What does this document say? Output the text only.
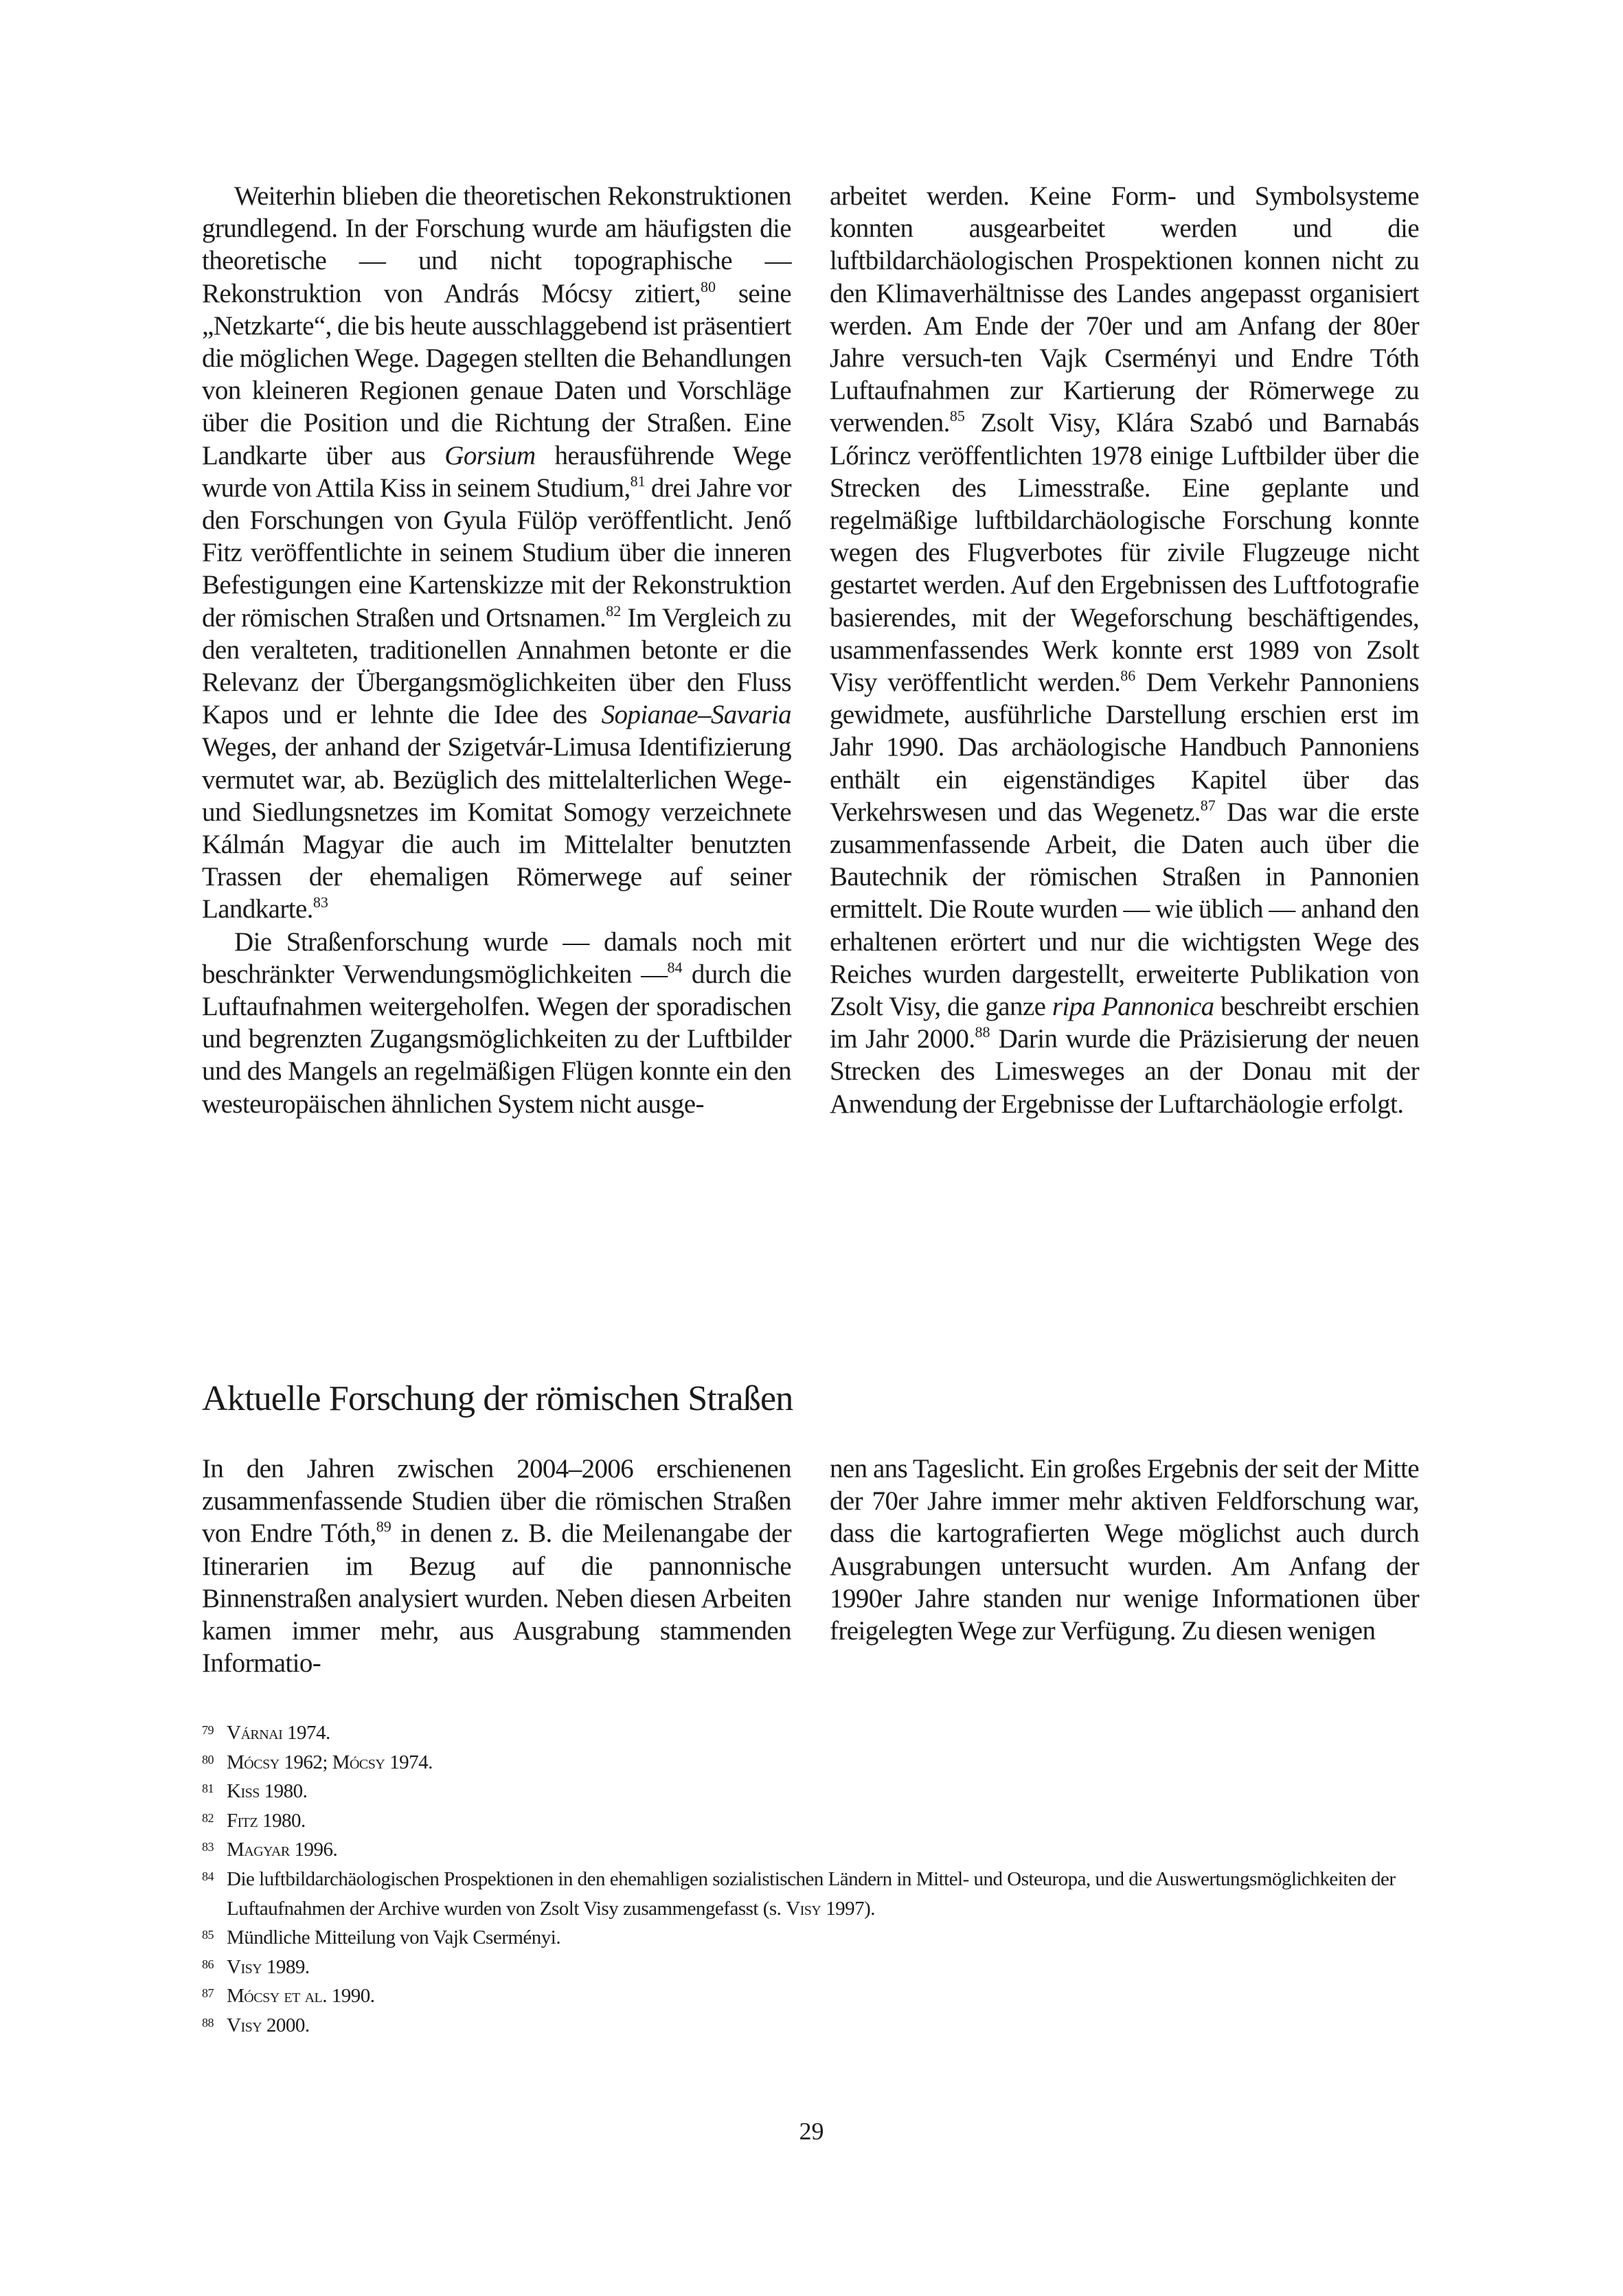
Weiterhin blieben die theoretischen Rekonstruktionen grundlegend. In der Forschung wurde am häufigsten die theoretische — und nicht topographische — Rekonstruktion von András Mócsy zitiert,$^{80}$ seine „Netzkarte“, die bis heute ausschlaggebend ist präsentiert die möglichen Wege. Dagegen stellten die Behandlungen von kleineren Regionen genaue Daten und Vorschläge über die Position und die Richtung der Straßen. Eine Landkarte über aus Gorsium herausführende Wege wurde von Attila Kiss in seinem Studium,$^{81}$ drei Jahre vor den Forschungen von Gyula Fülöp veröffentlicht. Jenő Fitz veröffentlichte in seinem Studium über die inneren Befestigungen eine Kartenskizze mit der Rekonstruktion der römischen Straßen und Ortsnamen.$^{82}$ Im Vergleich zu den veralteten, traditionellen Annahmen betonte er die Relevanz der Übergangsmöglichkeiten über den Fluss Kapos und er lehnte die Idee des Sopianae–Savaria Weges, der anhand der Szigetvár-Limusa Identifizierung vermutet war, ab. Bezüglich des mittelalterlichen Wege- und Siedlungsnetzes im Komitat Somogy verzeichnete Kálmán Magyar die auch im Mittelalter benutzten Trassen der ehemaligen Römerwege auf seiner Landkarte.$^{83}$

Die Straßenforschung wurde — damals noch mit beschränkter Verwendungsmöglichkeiten —$^{84}$ durch die Luftaufnahmen weitergeholfen. Wegen der sporadischen und begrenzten Zugangsmöglichkeiten zu der Luftbilder und des Mangels an regelmäßigen Flügen konnte ein den westeuropäischen ähnlichen System nicht ausge-

arbeitet werden. Keine Form- und Symbolsysteme konnten ausgearbeitet werden und die luftbildarchäologischen Prospektionen konnen nicht zu den Klimaverhältnisse des Landes angepasst organisiert werden. Am Ende der 70er und am Anfang der 80er Jahre versuch-ten Vajk Cserményi und Endre Tóth Luftaufnahmen zur Kartierung der Römerwege zu verwenden.$^{85}$ Zsolt Visy, Klára Szabó und Barnabás Lőrincz veröffentlichten 1978 einige Luftbilder über die Strecken des Limesstraße. Eine geplante und regelmäßige luftbildarchäologische Forschung konnte wegen des Flugverbotes für zivile Flugzeuge nicht gestartet werden. Auf den Ergebnissen des Luftfotografie basierendes, mit der Wegeforschung beschäftigendes, usammenfassendes Werk konnte erst 1989 von Zsolt Visy veröffentlicht werden.$^{86}$ Dem Verkehr Pannoniens gewidmete, ausführliche Darstellung erschien erst im Jahr 1990. Das archäologische Handbuch Pannoniens enthält ein eigenständiges Kapitel über das Verkehrswesen und das Wegenetz.$^{87}$ Das war die erste zusammenfassende Arbeit, die Daten auch über die Bautechnik der römischen Straßen in Pannonien ermittelt. Die Route wurden — wie üblich — anhand den erhaltenen erörtert und nur die wichtigsten Wege des Reiches wurden dargestellt, erweiterte Publikation von Zsolt Visy, die ganze ripa Pannonica beschreibt erschien im Jahr 2000.88 Darin wurde die Präzisierung der neuen Strecken des Limesweges an der Donau mit der Anwendung der Ergebnisse der Luftarchäologie erfolgt.

Aktuelle Forschung der römischen Straßen

In den Jahren zwischen 2004–2006 erschienenen zusammenfassende Studien über die römischen Straßen von Endre Tóth,$^{89}$ in denen z. B. die Meilenangabe der Itinerarien im Bezug auf die pannonnische Binnenstraßen analysiert wurden. Neben diesen Arbeiten kamen immer mehr, aus Ausgrabung stammenden Informatio-

nen ans Tageslicht. Ein großes Ergebnis der seit der Mitte der 70er Jahre immer mehr aktiven Feldforschung war, dass die kartografierten Wege möglichst auch durch Ausgrabungen untersucht wurden. Am Anfang der 1990er Jahre standen nur wenige Informationen über freigelegten Wege zur Verfügung. Zu diesen wenigen

79 Várnai 1974.
80 Mócsy 1962; Mócsy 1974.
81 Kiss 1980.
82 Fitz 1980.
83 Magyar 1996.
84 Die luftbildarchäologischen Prospektionen in den ehemahligen sozialistischen Ländern in Mittel- und Osteuropa, und die Auswertungsmöglichkeiten der Luftaufnahmen der Archive wurden von Zsolt Visy zusammengefasst (s. Visy 1997).
85 Mündliche Mitteilung von Vajk Cserményi.
86 Visy 1989.
87 Mócsy et al. 1990.
88 Visy 2000.
29
